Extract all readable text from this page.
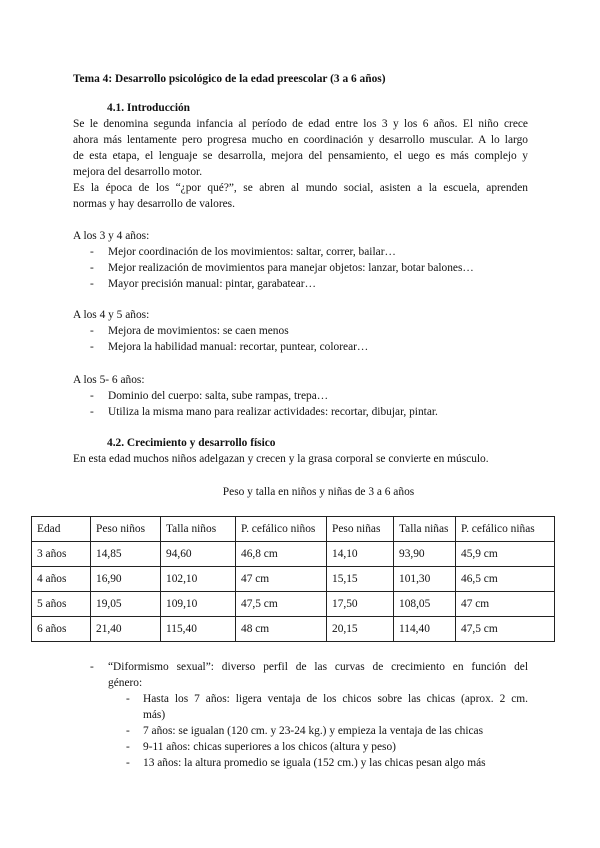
Tema 4: Desarrollo psicológico de la edad preescolar (3 a 6 años)
4.1. Introducción
Se le denomina segunda infancia al período de edad entre los 3 y los 6 años. El niño crece
ahora más lentamente pero progresa mucho en coordinación y desarrollo muscular. A lo largo
de esta etapa, el lenguaje se desarrolla, mejora del pensamiento, el uego es más complejo y
mejora del desarrollo motor.
Es la época de los “¿por qué?”, se abren al mundo social, asisten a la escuela, aprenden
normas y hay desarrollo de valores.
A los 3 y 4 años:
- Mejor coordinación de los movimientos: saltar, correr, bailar…
- Mejor realización de movimientos para manejar objetos: lanzar, botar balones…
- Mayor precisión manual: pintar, garabatear…
A los 4 y 5 años:
- Mejora de movimientos: se caen menos
- Mejora la habilidad manual: recortar, puntear, colorear…
A los 5- 6 años:
- Dominio del cuerpo: salta, sube rampas, trepa…
- Utiliza la misma mano para realizar actividades: recortar, dibujar, pintar.
4.2. Crecimiento y desarrollo físico
En esta edad muchos niños adelgazan y crecen y la grasa corporal se convierte en músculo.
Peso y talla en niños y niñas de 3 a 6 años
Edad	Peso niños	Talla niños	P. cefálico niños	Peso niñas	Talla niñas	P. cefálico niñas
3 años	14,85	94,60	46,8 cm	14,10	93,90	45,9 cm
4 años	16,90	102,10	47 cm	15,15	101,30	46,5 cm
5 años	19,05	109,10	47,5 cm	17,50	108,05	47 cm
6 años	21,40	115,40	48 cm	20,15	114,40	47,5 cm
- “Diformismo sexual”: diverso perfil de las curvas de crecimiento en función del
género:
- Hasta los 7 años: ligera ventaja de los chicos sobre las chicas (aprox. 2 cm.
más)
- 7 años: se igualan (120 cm. y 23-24 kg.) y empieza la ventaja de las chicas
- 9-11 años: chicas superiores a los chicos (altura y peso)
- 13 años: la altura promedio se iguala (152 cm.) y las chicas pesan algo más
